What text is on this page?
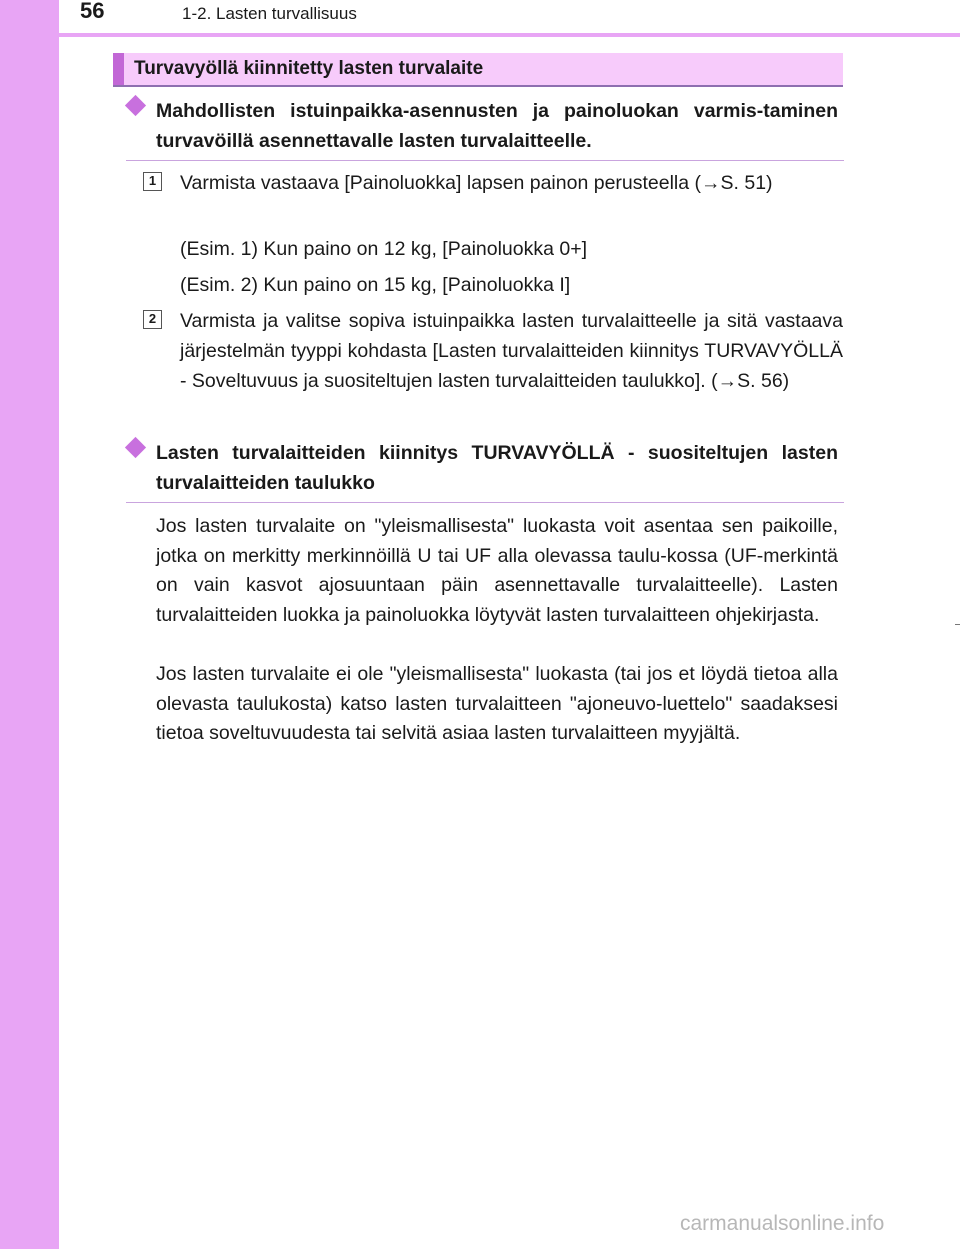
56	1-2. Lasten turvallisuus
Turvavyöllä kiinnitetty lasten turvalaite
Mahdollisten istuinpaikka-asennusten ja painoluokan varmis-taminen turvavöillä asennettavalle lasten turvalaitteelle.
1	Varmista vastaava [Painoluokka] lapsen painon perusteella (→S. 51)
(Esim. 1) Kun paino on 12 kg, [Painoluokka 0+]
(Esim. 2) Kun paino on 15 kg, [Painoluokka I]
2	Varmista ja valitse sopiva istuinpaikka lasten turvalaitteelle ja sitä vastaava järjestelmän tyyppi kohdasta [Lasten turvalaitteiden kiinnitys TURVAVYÖLLÄ - Soveltuvuus ja suositeltujen lasten turvalaitteiden taulukko]. (→S. 56)
Lasten turvalaitteiden kiinnitys TURVAVYÖLLÄ - suositeltujen lasten turvalaitteiden taulukko
Jos lasten turvalaite on "yleismallisesta" luokasta voit asentaa sen paikoille, jotka on merkitty merkinnöillä U tai UF alla olevassa taulu-kossa (UF-merkintä on vain kasvot ajosuuntaan päin asennettavalle turvalaitteelle). Lasten turvalaitteiden luokka ja painoluokka löytyvät lasten turvalaitteen ohjekirjasta.
Jos lasten turvalaite ei ole "yleismallisesta" luokasta (tai jos et löydä tietoa alla olevasta taulukosta) katso lasten turvalaitteen "ajoneuvo-luettelo" saadaksesi tietoa soveltuvuudesta tai selvitä asiaa lasten turvalaitteen myyjältä.
carmanualsonline.info
